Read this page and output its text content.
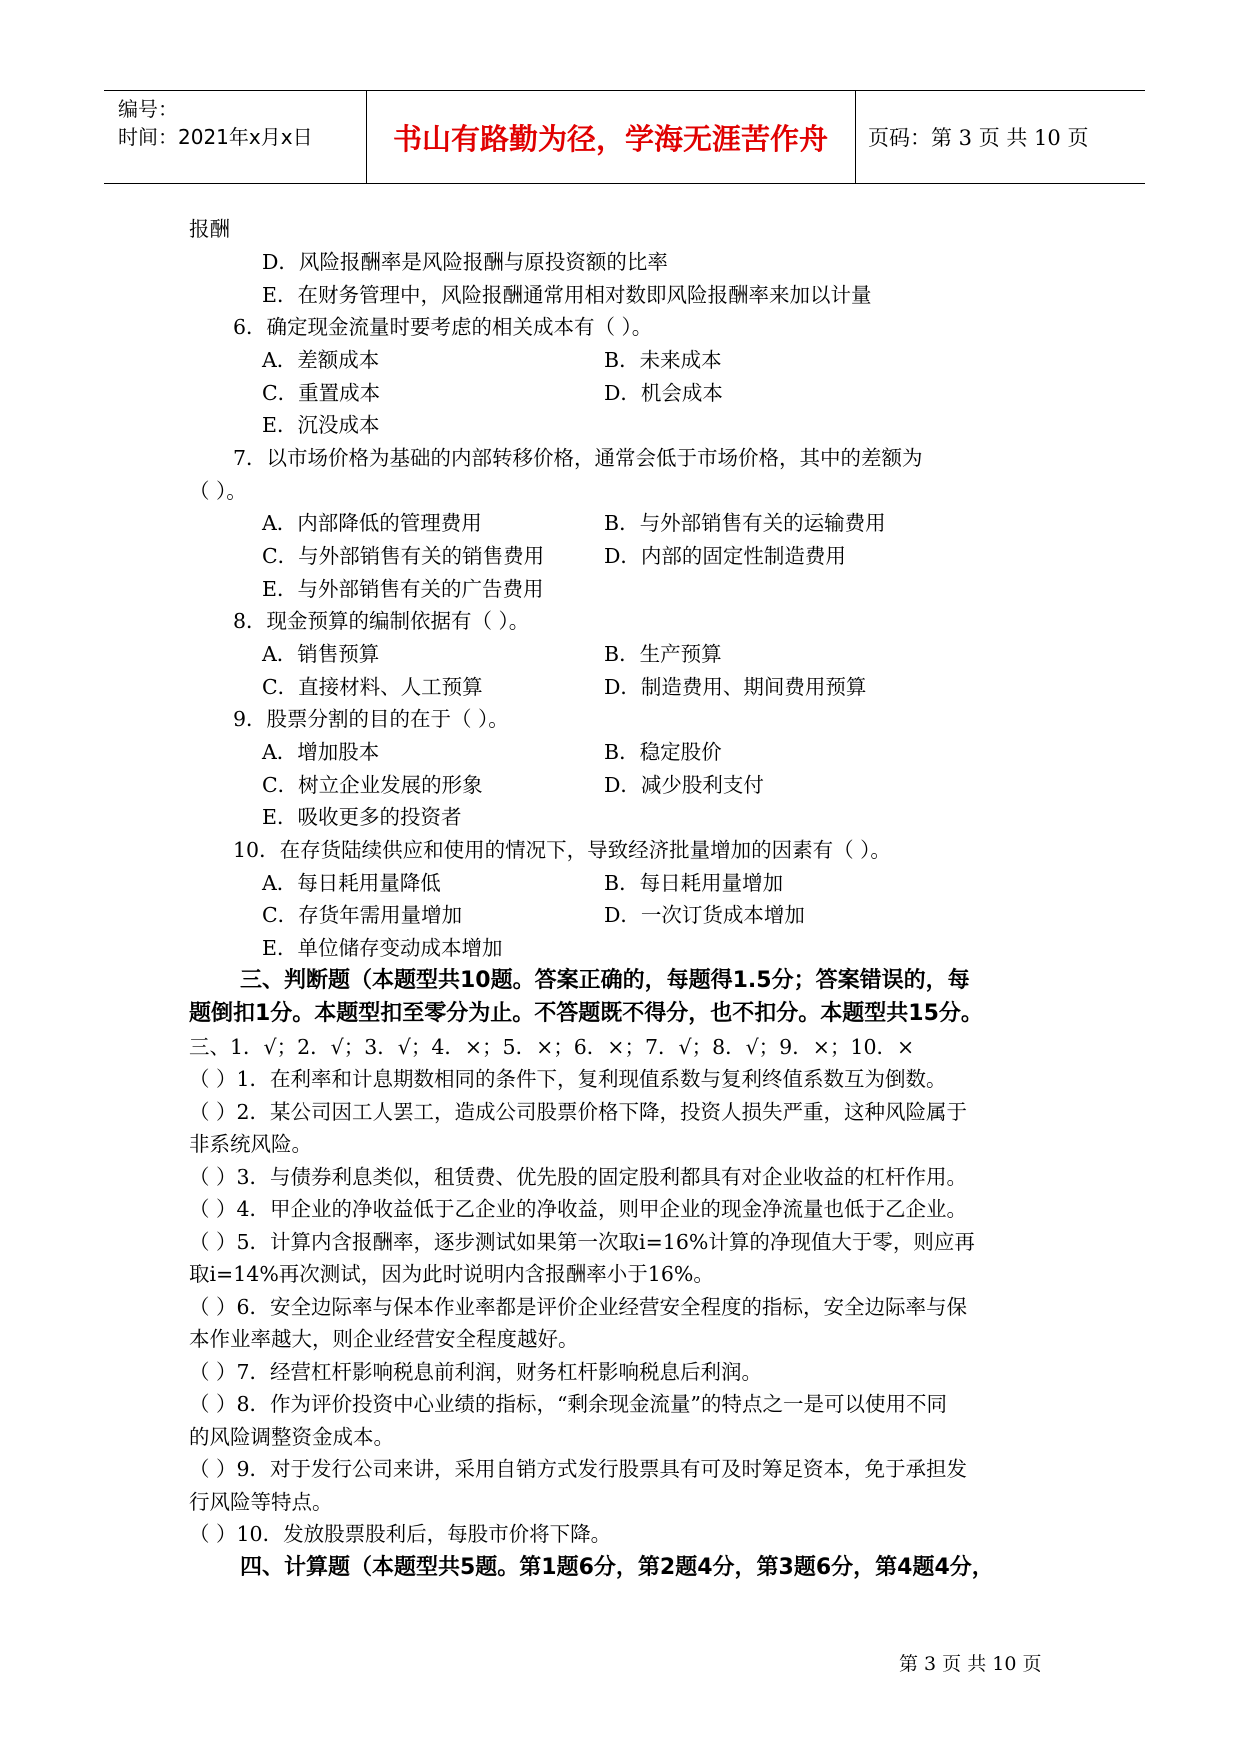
编号：
时间：2021年x月x日	书山有路勤为径，学海无涯苦作舟 页码：第 3 页 共 10 页
报酬
D．风险报酬率是风险报酬与原投资额的比率
E．在财务管理中，风险报酬通常用相对数即风险报酬率来加以计量
6．确定现金流量时要考虑的相关成本有（ ）。
A．差额成本	B．未来成本
C．重置成本	D．机会成本
E．沉没成本
7．以市场价格为基础的内部转移价格，通常会低于市场价格，其中的差额为
（ ）。
A．内部降低的管理费用	B．与外部销售有关的运输费用
C．与外部销售有关的销售费用	D．内部的固定性制造费用
E．与外部销售有关的广告费用
8．现金预算的编制依据有（ ）。
A．销售预算	B．生产预算
C．直接材料、人工预算	D．制造费用、期间费用预算
9．股票分割的目的在于（ ）。
A．增加股本	B．稳定股价
C．树立企业发展的形象	D．减少股利支付
E．吸收更多的投资者
10．在存货陆续供应和使用的情况下，导致经济批量增加的因素有（ ）。
A．每日耗用量降低	B．每日耗用量增加
C．存货年需用量增加	D．一次订货成本增加
E．单位储存变动成本增加
三、判断题（本题型共10题。答案正确的，每题得1.5分；答案错误的，每
题倒扣1分。本题型扣至零分为止。不答题既不得分，也不扣分。本题型共15分。
三、1．√；2．√；3．√；4．×；5．×；6．×；7．√；8．√；9．×；10．×
（ ）1．在利率和计息期数相同的条件下，复利现值系数与复利终值系数互为倒数。
（ ）2．某公司因工人罢工，造成公司股票价格下降，投资人损失严重，这种风险属于
非系统风险。
（ ）3．与债券利息类似，租赁费、优先股的固定股利都具有对企业收益的杠杆作用。
（ ）4．甲企业的净收益低于乙企业的净收益，则甲企业的现金净流量也低于乙企业。
（ ）5．计算内含报酬率，逐步测试如果第一次取i=16%计算的净现值大于零，则应再
取i=14%再次测试，因为此时说明内含报酬率小于16%。
（ ）6．安全边际率与保本作业率都是评价企业经营安全程度的指标，安全边际率与保
本作业率越大，则企业经营安全程度越好。
（ ）7．经营杠杆影响税息前利润，财务杠杆影响税息后利润。
（ ）8．作为评价投资中心业绩的指标，“剩余现金流量”的特点之一是可以使用不同
的风险调整资金成本。
（ ）9．对于发行公司来讲，采用自销方式发行股票具有可及时筹足资本，免于承担发
行风险等特点。
（ ）10．发放股票股利后，每股市价将下降。
四、计算题（本题型共5题。第1题6分，第2题4分，第3题6分，第4题4分，
第 3 页 共 10 页
